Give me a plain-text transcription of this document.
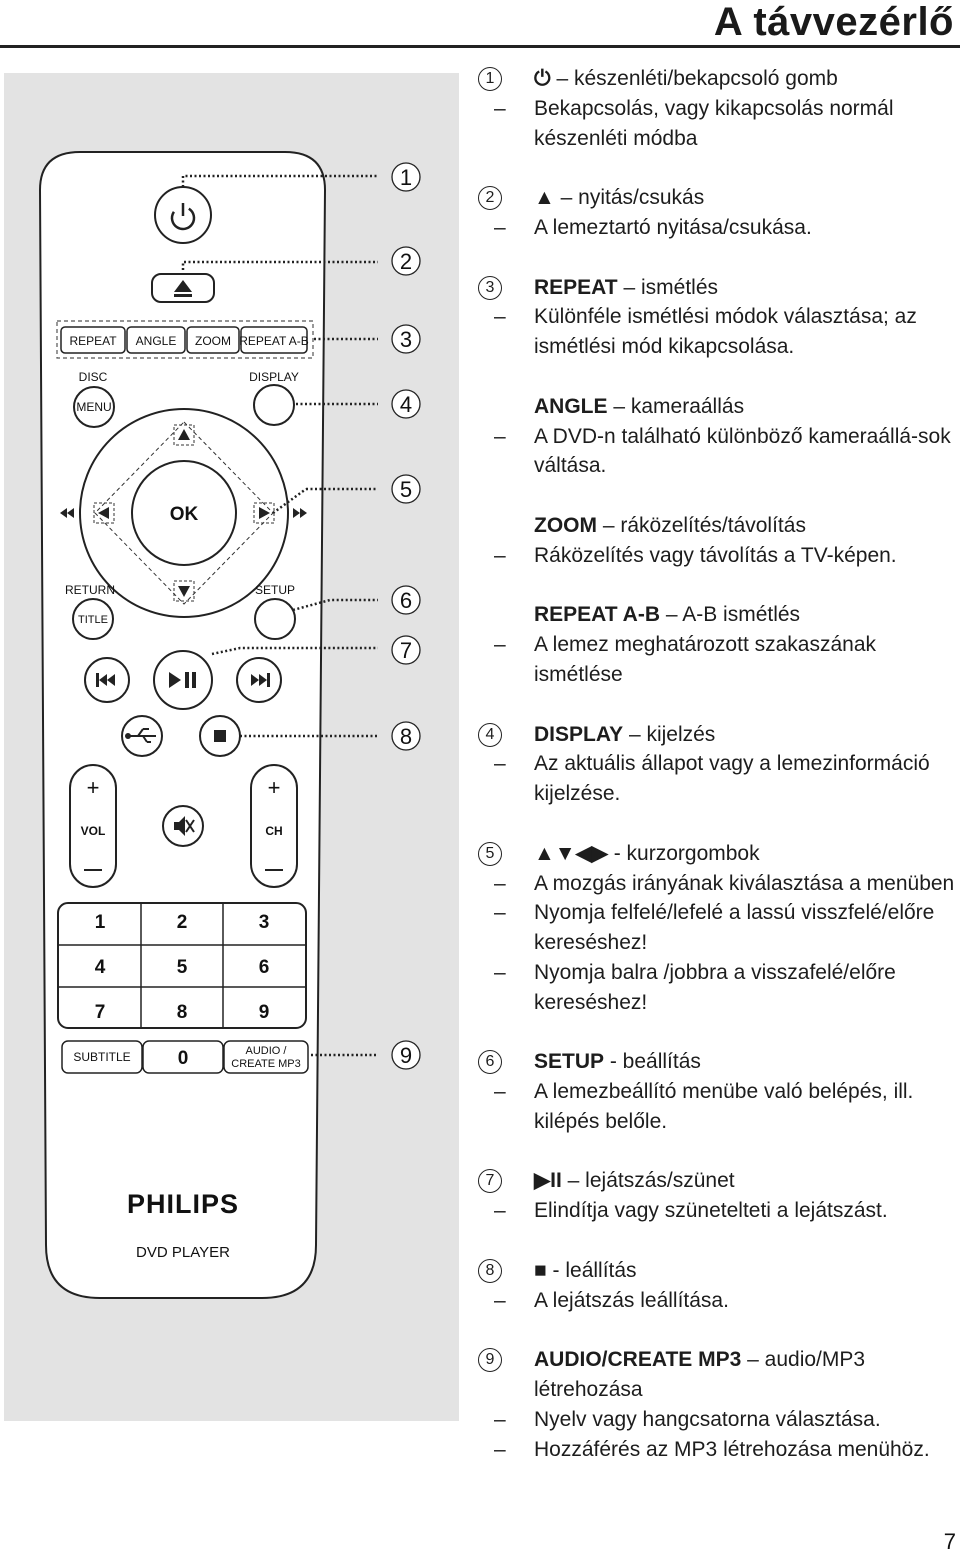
A távvezérlő
REPEAT ANGLE ZOOM REPEAT A-B
DISC
MENU
DISPLAY
OK
RETURN
TITLE
SETUP
+
VOL
+
CH
1	2	3
4	5	6
7	8	9
SUBTITLE 0	AUDIO /
CREATE MP3
PHILIPS
DVD PLAYER
1
2
3
4
5
6
7
8
9
1	⏻ – készenléti/bekapcsoló gomb
–	Bekapcsolás, vagy kikapcsolás normál készenléti módba
2	▲ – nyitás/csukás
–	A lemeztartó nyitása/csukása.
3	REPEAT – ismétlés
–	Különféle ismétlési módok választása; az ismétlési mód kikapcsolása.
ANGLE – kameraállás
–	A DVD-n található különböző kameraállá-sok váltása.
ZOOM – ráközelítés/távolítás
–	Ráközelítés vagy távolítás a TV-képen.
REPEAT A-B – A-B ismétlés
–	A lemez meghatározott szakaszának ismétlése
4	DISPLAY – kijelzés
–	Az aktuális állapot vagy a lemezinformáció kijelzése.
5	▲▼◀▶ - kurzorgombok
–	A mozgás irányának kiválasztása a menüben
–	Nyomja felfelé/lefelé a lassú visszfelé/előre kereséshez!
–	Nyomja balra /jobbra a visszafelé/előre kereséshez!
6	SETUP - beállítás
–	A lemezbeállító menübe való belépés, ill. kilépés belőle.
7	▶II – lejátszás/szünet
–	Elindítja vagy szünetelteti a lejátszást.
8	■ - leállítás
–	A lejátszás leállítása.
9	AUDIO/CREATE MP3 – audio/MP3 létrehozása
–	Nyelv vagy hangcsatorna választása.
–	Hozzáférés az MP3 létrehozása menühöz.
7
